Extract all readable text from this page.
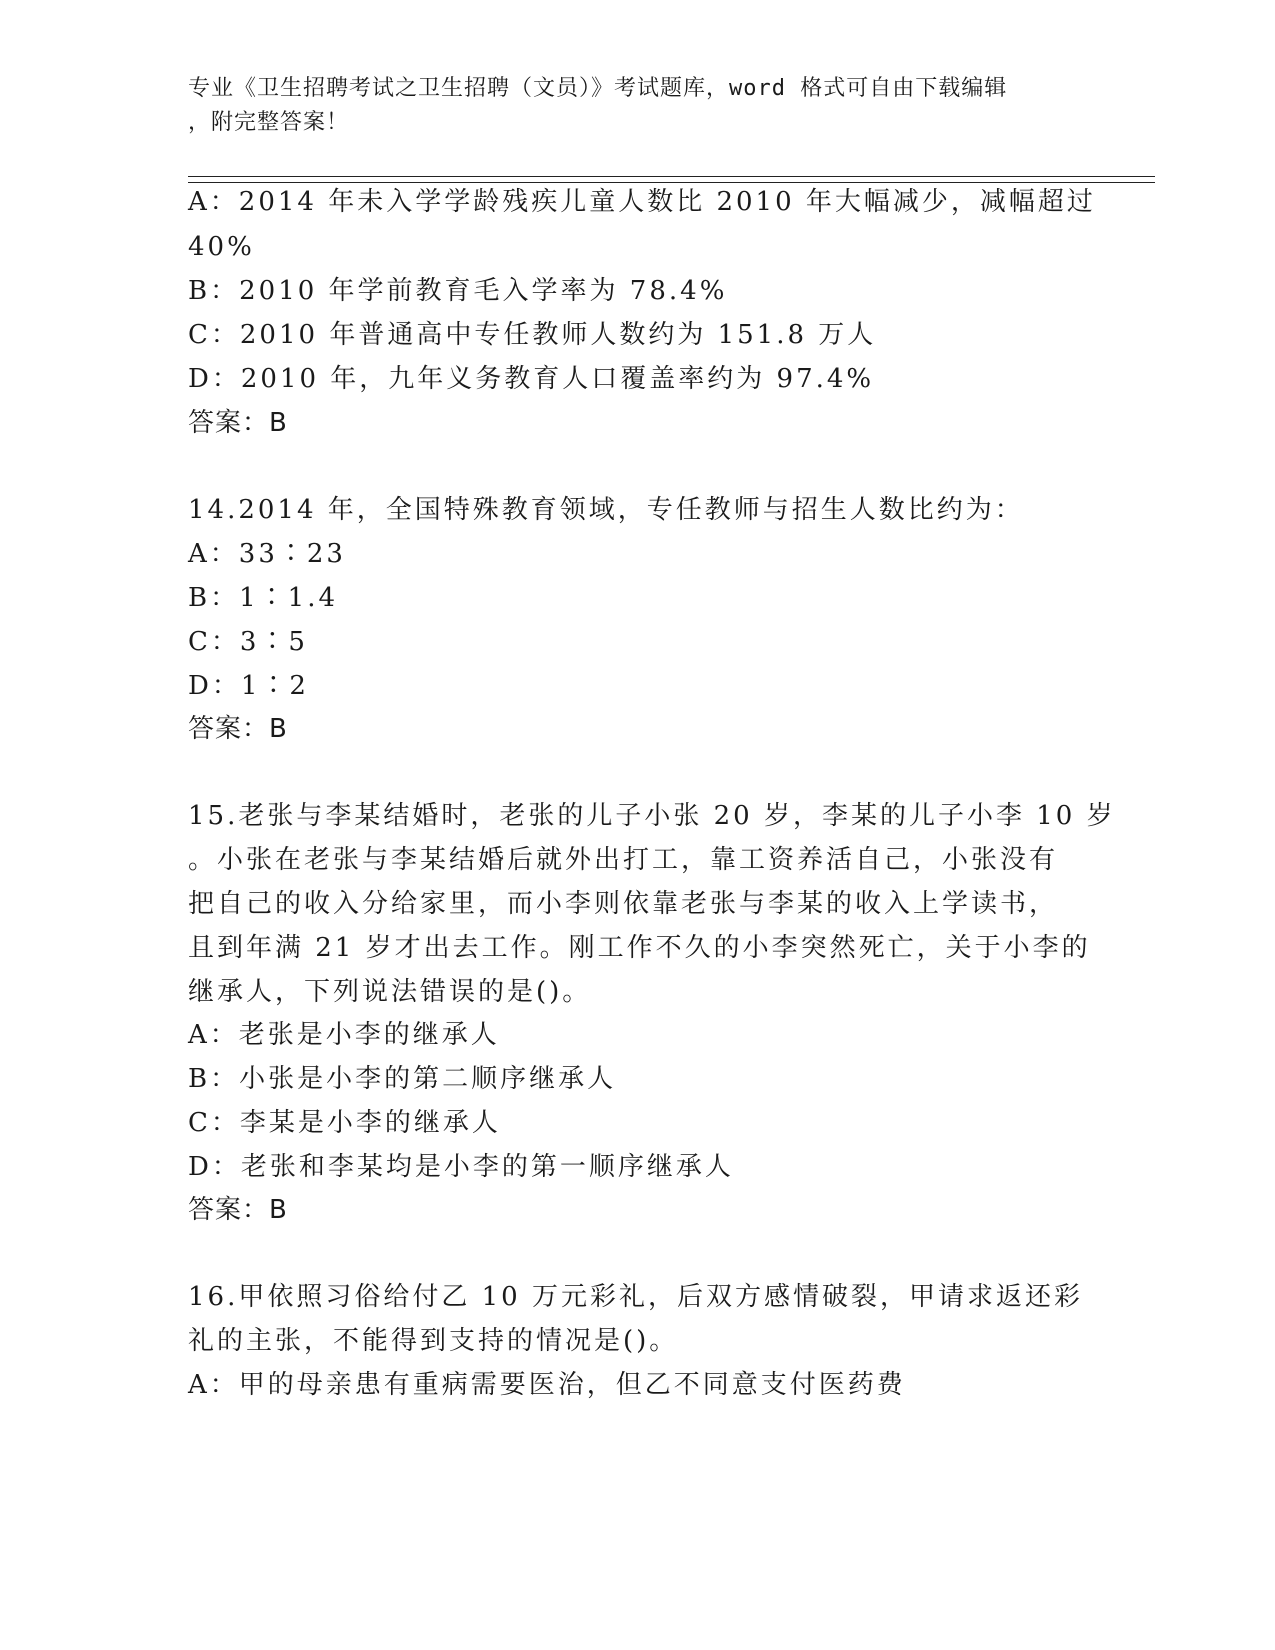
专业《卫生招聘考试之卫生招聘（文员）》考试题库，word 格式可自由下载编辑
，附完整答案！
A：2014 年未入学学龄残疾儿童人数比 2010 年大幅减少，减幅超过
40%
B：2010 年学前教育毛入学率为 78.4%
C：2010 年普通高中专任教师人数约为 151.8 万人
D：2010 年，九年义务教育人口覆盖率约为 97.4%
答案：B
14.2014 年，全国特殊教育领域，专任教师与招生人数比约为：
A：33∶23
B：1∶1.4
C：3∶5
D：1∶2
答案：B
15.老张与李某结婚时，老张的儿子小张 20 岁，李某的儿子小李 10 岁
。小张在老张与李某结婚后就外出打工，靠工资养活自己，小张没有
把自己的收入分给家里，而小李则依靠老张与李某的收入上学读书，
且到年满 21 岁才出去工作。刚工作不久的小李突然死亡，关于小李的
继承人，下列说法错误的是()。
A：老张是小李的继承人
B：小张是小李的第二顺序继承人
C：李某是小李的继承人
D：老张和李某均是小李的第一顺序继承人
答案：B
16.甲依照习俗给付乙 10 万元彩礼，后双方感情破裂，甲请求返还彩
礼的主张，不能得到支持的情况是()。
A：甲的母亲患有重病需要医治，但乙不同意支付医药费
